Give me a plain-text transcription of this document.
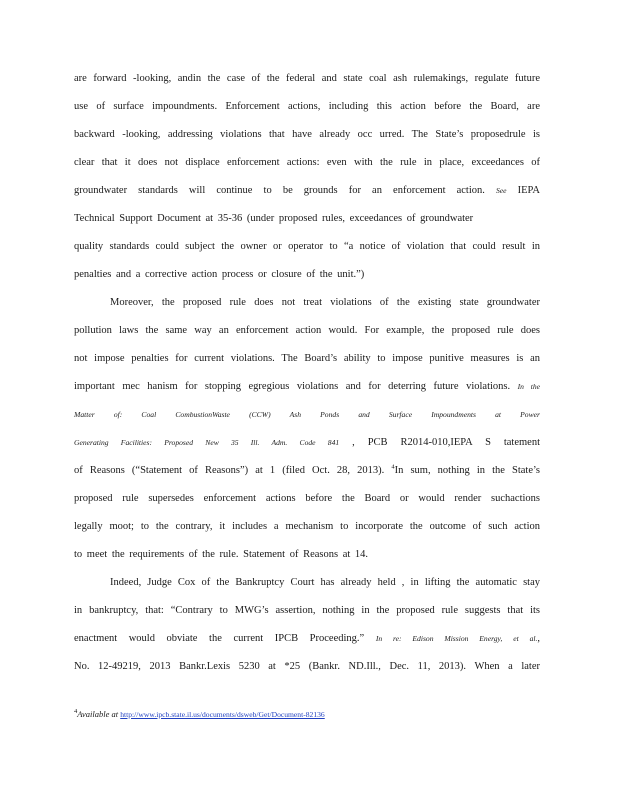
are forward -looking, andin the case of the federal and state coal ash rulemakings, regulate future
use of surface impoundments. Enforcement actions, including this action before the Board, are
backward -looking, addressing violations that have already occ urred. The State’s proposedrule is
clear that it does not displace enforcement actions: even with the rule in place, exceedances of
groundwater standards will continue to be grounds for an enforcement action. See IEPA
Technical Support Document at 35-36 (under proposed rules, exceedances of groundwater
quality standards could subject the owner or operator to “a notice of violation that could result in
penalties and a corrective action process or closure of the unit.”)
Moreover, the proposed rule does not treat violations of the existing state groundwater
pollution laws the same way an enforcement action would. For example, the proposed rule does
not impose penalties for current violations. The Board’s ability to impose punitive measures is an
important mec hanism for stopping egregious violations and for deterring future violations. In the
Matter of: Coal CombustionWaste (CCW) Ash Ponds and Surface Impoundments at Power
Generating Facilities: Proposed New 35 Ill. Adm. Code 841 , PCB R2014-010,IEPA S tatement
of Reasons (“Statement of Reasons”) at 1 (filed Oct. 28, 2013). $^4$In sum, nothing in the State’s
proposed rule supersedes enforcement actions before the Board or would render suchactions
legally moot; to the contrary, it includes a mechanism to incorporate the outcome of such action
to meet the requirements of the rule. Statement of Reasons at 14.
Indeed, Judge Cox of the Bankruptcy Court has already held , in lifting the automatic stay
in bankruptcy, that: “Contrary to MWG’s assertion, nothing in the proposed rule suggests that its
enactment would obviate the current IPCB Proceeding.” In re: Edison Mission Energy, et al.,
No. 12-49219, 2013 Bankr.Lexis 5230 at *25 (Bankr. ND.Ill., Dec. 11, 2013). When a later
$^4$Available at http://www.ipcb.state.il.us/documents/dsweb/Get/Document-82136
